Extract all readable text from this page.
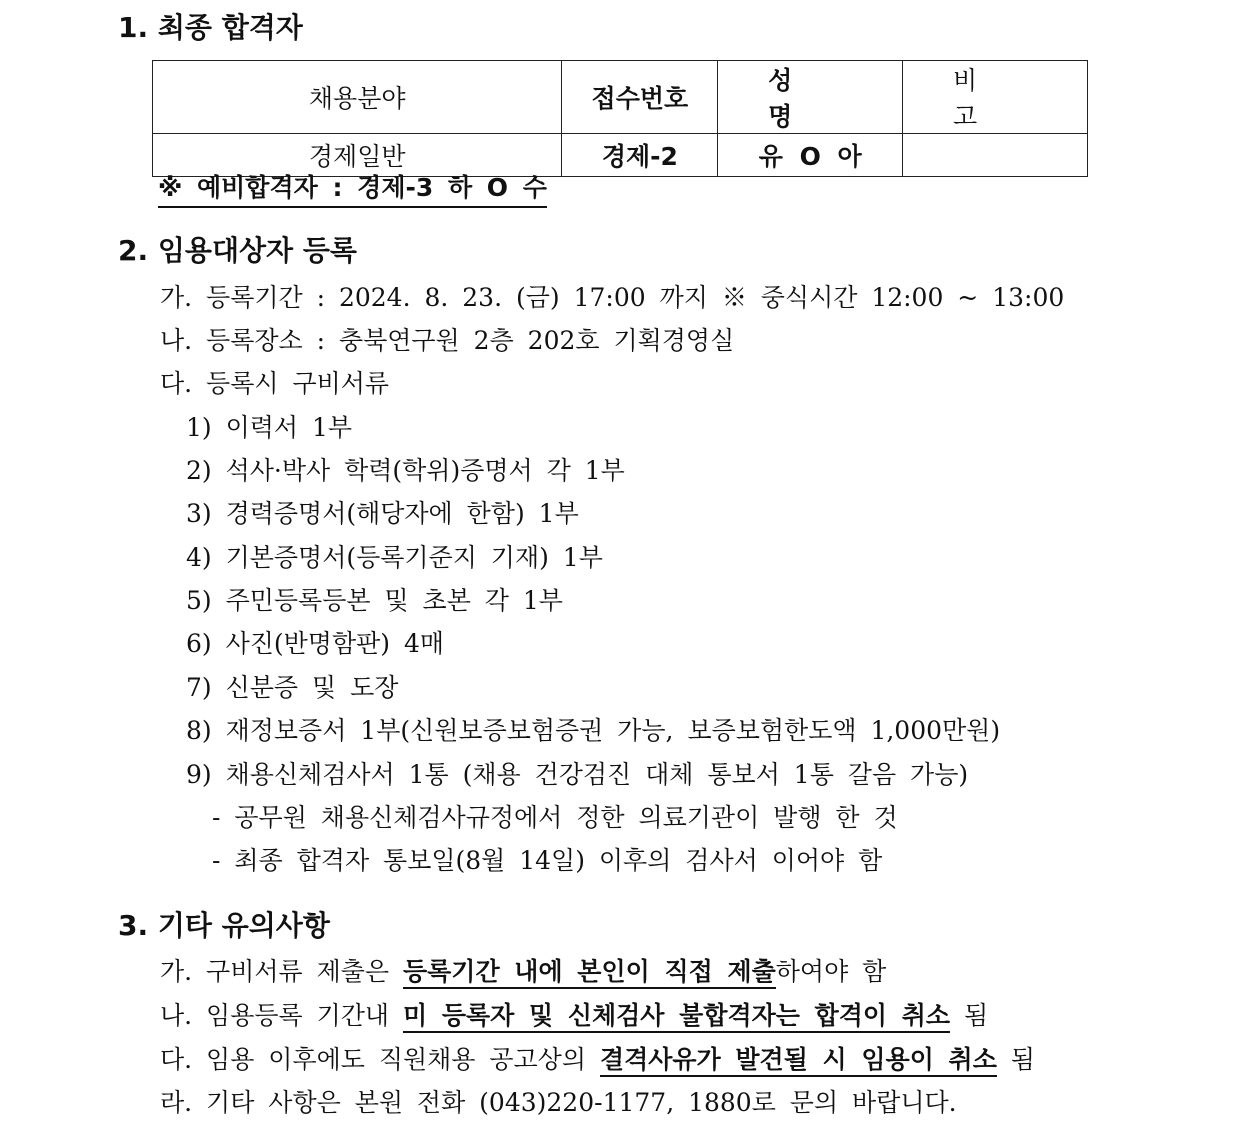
1. 최종 합격자
채용분야	접수번호	성 명	비 고
경제일반	경제-2	유 O 아	
※ 예비합격자 : 경제-3 하 O 수
2. 임용대상자 등록
가. 등록기간 : 2024. 8. 23. (금) 17:00 까지 ※ 중식시간 12:00 ~ 13:00
나. 등록장소 : 충북연구원 2층 202호 기획경영실
다. 등록시 구비서류
1) 이력서 1부
2) 석사·박사 학력(학위)증명서 각 1부
3) 경력증명서(해당자에 한함) 1부
4) 기본증명서(등록기준지 기재) 1부
5) 주민등록등본 및 초본 각 1부
6) 사진(반명함판) 4매
7) 신분증 및 도장
8) 재정보증서 1부(신원보증보험증권 가능, 보증보험한도액 1,000만원)
9) 채용신체검사서 1통 (채용 건강검진 대체 통보서 1통 갈음 가능)
- 공무원 채용신체검사규정에서 정한 의료기관이 발행 한 것
- 최종 합격자 통보일(8월 14일) 이후의 검사서 이어야 함
3. 기타 유의사항
가. 구비서류 제출은 등록기간 내에 본인이 직접 제출하여야 함
나. 임용등록 기간내 미 등록자 및 신체검사 불합격자는 합격이 취소 됨
다. 임용 이후에도 직원채용 공고상의 결격사유가 발견될 시 임용이 취소 됨
라. 기타 사항은 본원 전화 (043)220-1177, 1880로 문의 바랍니다.
